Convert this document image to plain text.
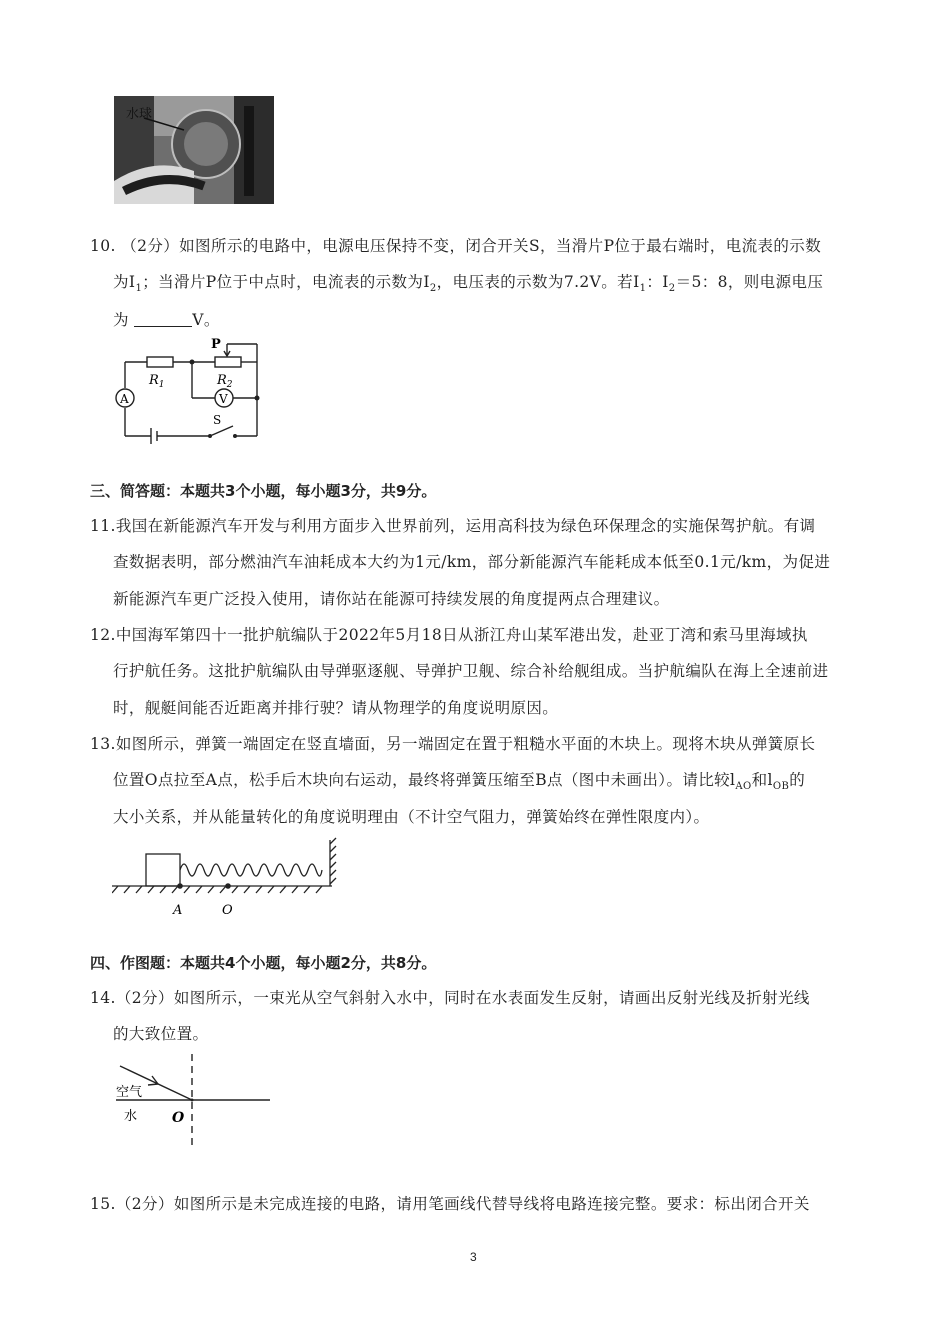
水球
10. （2分）如图所示的电路中，电源电压保持不变，闭合开关S，当滑片P位于最右端时，电流表的示数
为$I_1$；当滑片P位于中点时，电流表的示数为$I_2$，电压表的示数为7.2V。若$I_1$：$I_2=5$：8，则电源电压
为	V。
A	V
$R_1$	$R_2$
P
S
三、简答题：本题共3个小题，每小题3分，共9分。
11.我国在新能源汽车开发与利用方面步入世界前列，运用高科技为绿色环保理念的实施保驾护航。有调
查数据表明，部分燃油汽车油耗成本大约为1元/km，部分新能源汽车能耗成本低至0.1元/km，为促进
新能源汽车更广泛投入使用，请你站在能源可持续发展的角度提两点合理建议。
12.中国海军第四十一批护航编队于2022年5月18日从浙江舟山某军港出发，赴亚丁湾和索马里海域执
行护航任务。这批护航编队由导弹驱逐舰、导弹护卫舰、综合补给舰组成。当护航编队在海上全速前进
时，舰艇间能否近距离并排行驶？请从物理学的角度说明原因。
13.如图所示，弹簧一端固定在竖直墙面，另一端固定在置于粗糙水平面的木块上。现将木块从弹簧原长
位置O点拉至A点，松手后木块向右运动，最终将弹簧压缩至B点（图中未画出）。请比较$l_{AO}$和$l_{OB}$的
大小关系，并从能量转化的角度说明理由（不计空气阻力，弹簧始终在弹性限度内）。
A	O
四、作图题：本题共4个小题，每小题2分，共8分。
14.（2分）如图所示，一束光从空气斜射入水中，同时在水表面发生反射，请画出反射光线及折射光线
的大致位置。
空气
水 O
15.（2分）如图所示是未完成连接的电路，请用笔画线代替导线将电路连接完整。要求：标出闭合开关
3
